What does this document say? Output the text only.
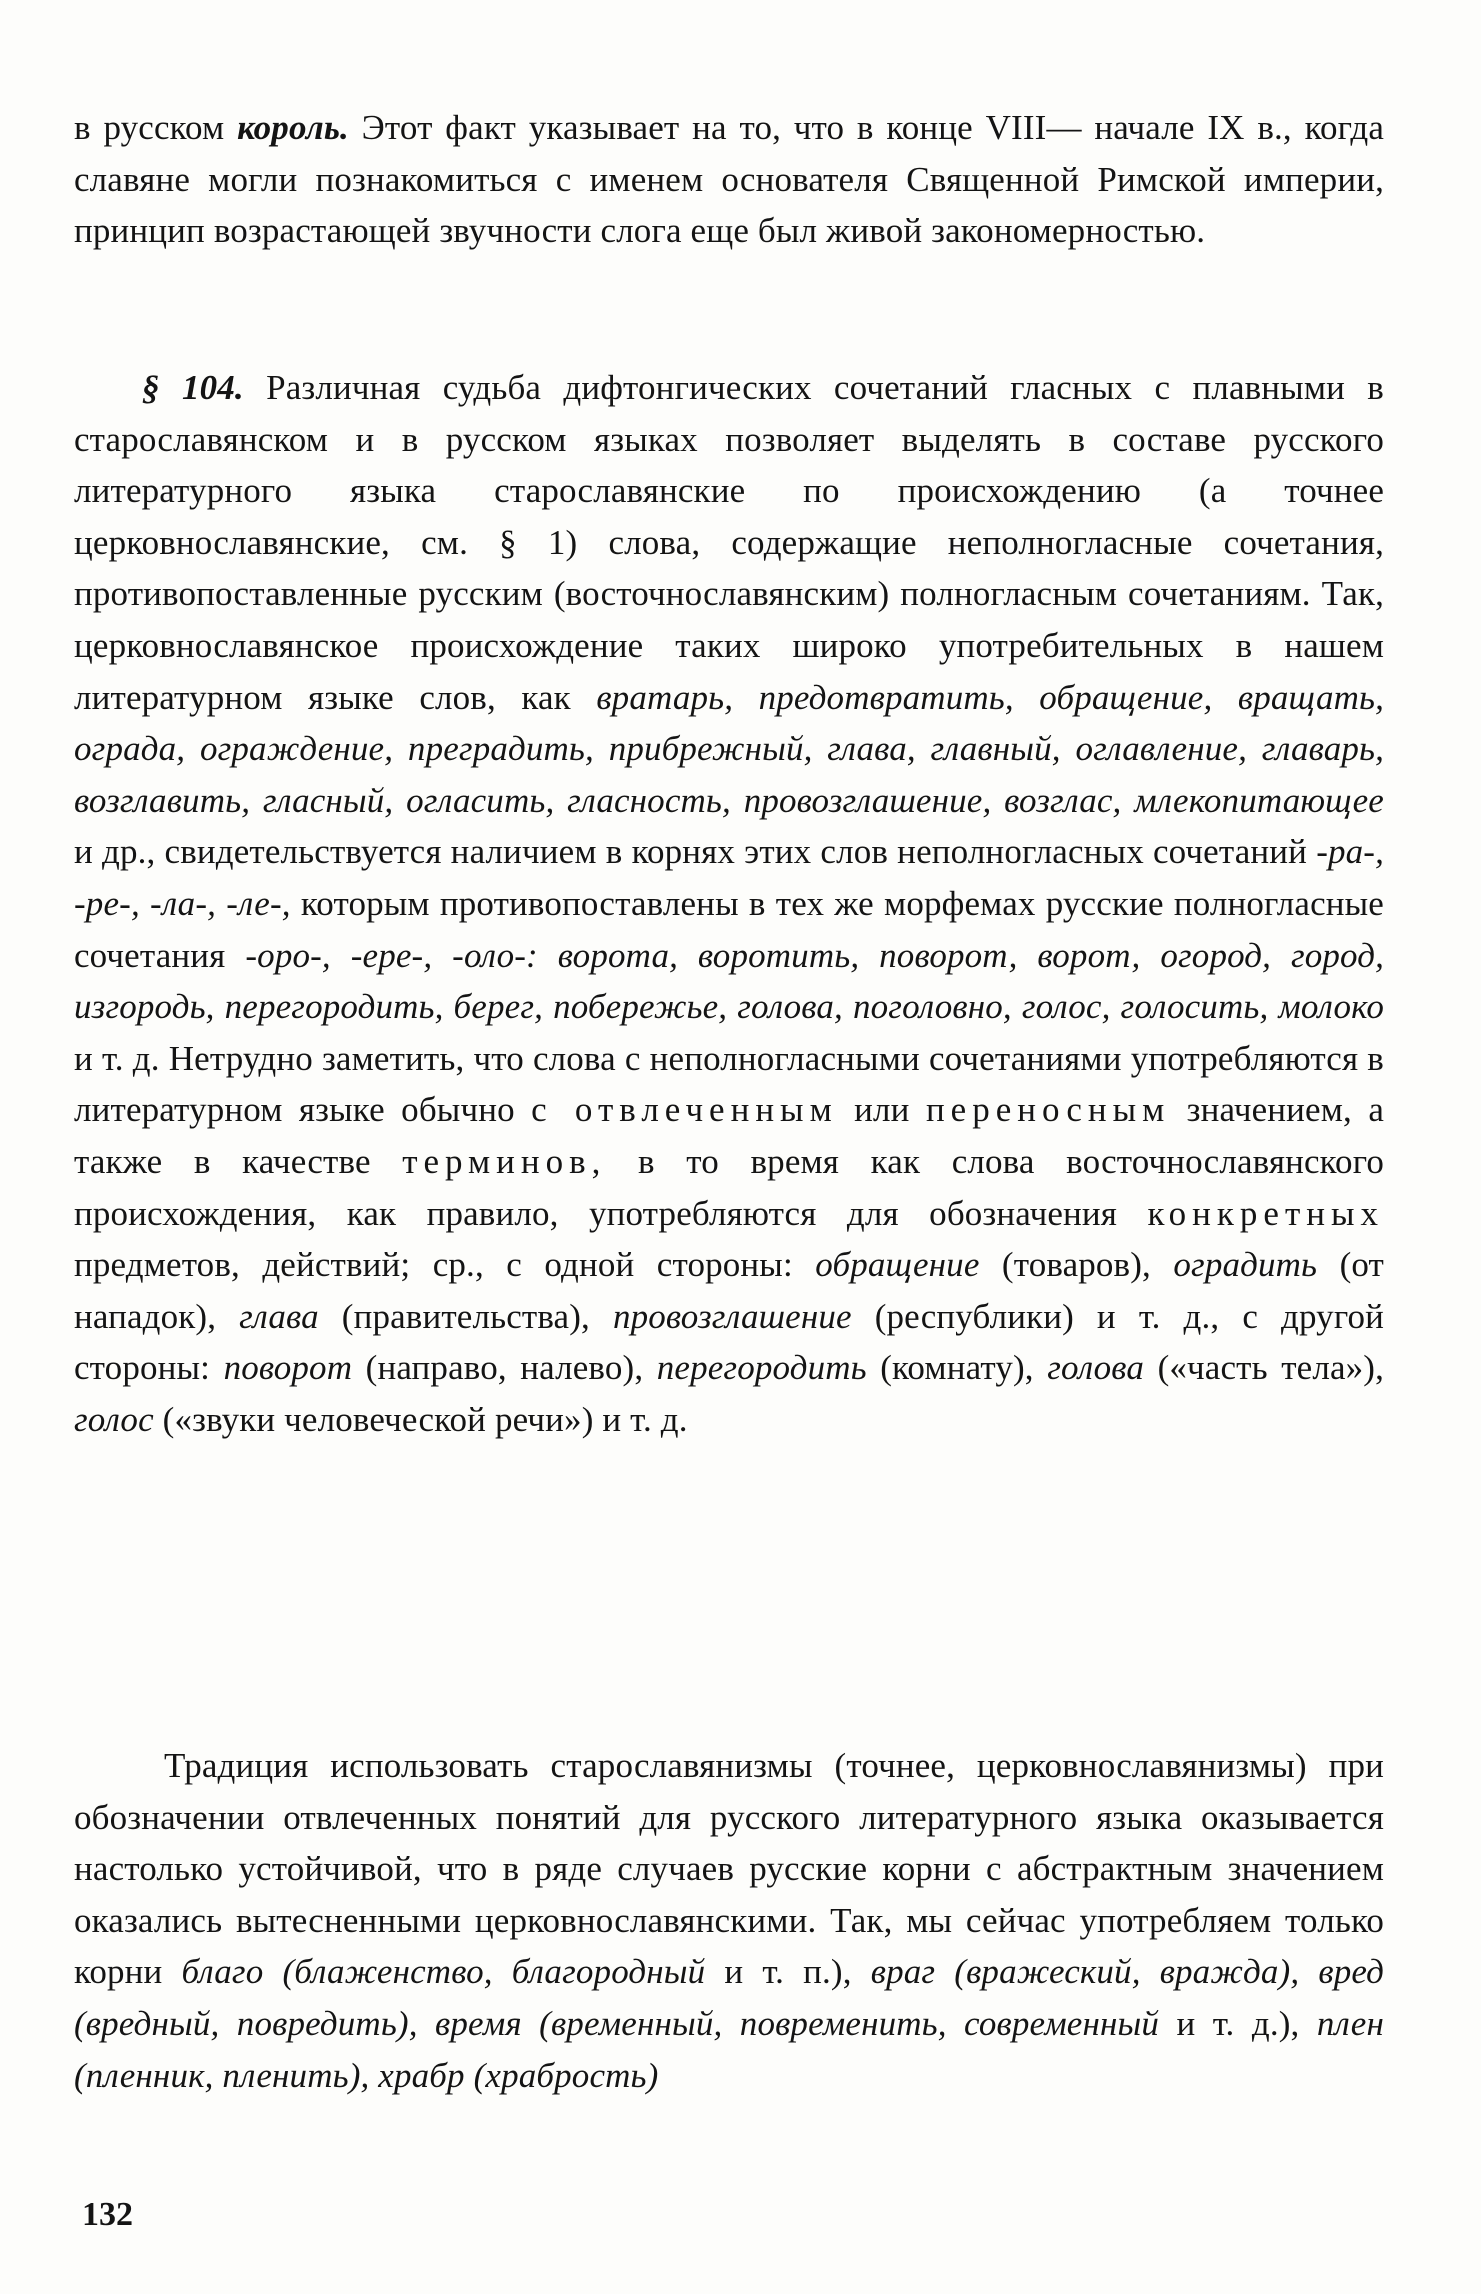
в русском король. Этот факт указывает на то, что в конце VIII— начале IX в., когда славяне могли познакомиться с именем основателя Священной Римской империи, принцип возрастающей звучности слога еще был живой закономерностью.

§ 104. Различная судьба дифтонгических сочетаний гласных с плавными в старославянском и в русском языках позволяет выделять в составе русского литературного языка старославянские по происхождению (а точнее церковнославянские, см. § 1) слова, содержащие неполногласные сочетания, противопоставленные русским (восточнославянским) полногласным сочетаниям. Так, церковнославянское происхождение таких широко употребительных в нашем литературном языке слов, как вратарь, предотвратить, обращение, вращать, ограда, ограждение, преградить, прибрежный, глава, главный, оглавление, главарь, возглавить, гласный, огласить, гласность, провозглашение, возглас, млекопитающее и др., свидетельствуется наличием в корнях этих слов неполногласных сочетаний -ра-, -ре-, -ла-, -ле-, которым противопоставлены в тех же морфемах русские полногласные сочетания -оро-, -ере-, -оло-: ворота, воротить, поворот, ворот, огород, город, изгородь, перегородить, берег, побережье, голова, поголовно, голос, голосить, молоко и т. д. Нетрудно заметить, что слова с неполногласными сочетаниями употребляются в литературном языке обычно с отвлеченным или переносным значением, а также в качестве терминов, в то время как слова восточнославянского происхождения, как правило, употребляются для обозначения конкретных предметов, действий; ср., с одной стороны: обращение (товаров), оградить (от нападок), глава (правительства), провозглашение (республики) и т. д., с другой стороны: поворот (направо, налево), перегородить (комнату), голова («часть тела»), голос («звуки человеческой речи») и т. д.

Традиция использовать старославянизмы (точнее, церковнославянизмы) при обозначении отвлеченных понятий для русского литературного языка оказывается настолько устойчивой, что в ряде случаев русские корни с абстрактным значением оказались вытесненными церковнославянскими. Так, мы сейчас употребляем только корни благо (блаженство, благородный и т. п.), враг (вражеский, вражда), вред (вредный, повредить), время (временный, повременить, современный и т. д.), плен (пленник, пленить), храбр (храбрость)

132
